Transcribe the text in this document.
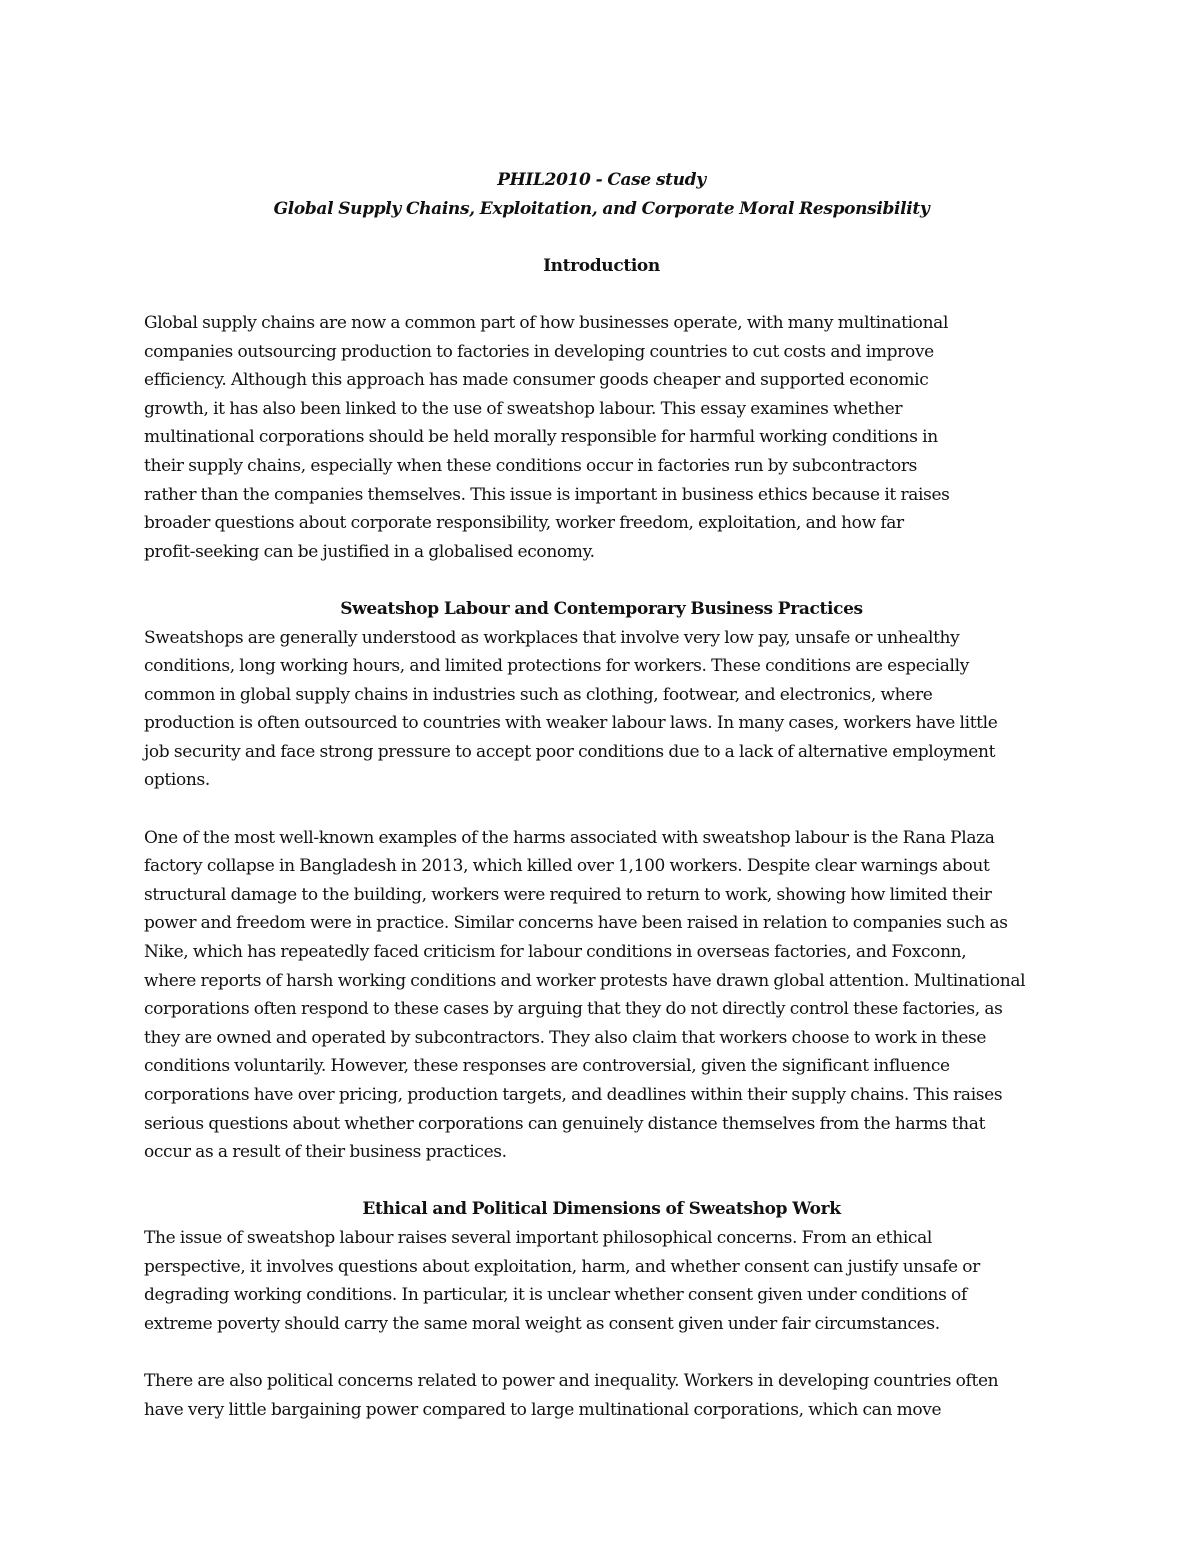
PHIL2010 - Case study
Global Supply Chains, Exploitation, and Corporate Moral Responsibility
Introduction

Global supply chains are now a common part of how businesses operate, with many multinational
companies outsourcing production to factories in developing countries to cut costs and improve
efficiency. Although this approach has made consumer goods cheaper and supported economic
growth, it has also been linked to the use of sweatshop labour. This essay examines whether
multinational corporations should be held morally responsible for harmful working conditions in
their supply chains, especially when these conditions occur in factories run by subcontractors
rather than the companies themselves. This issue is important in business ethics because it raises
broader questions about corporate responsibility, worker freedom, exploitation, and how far
profit-seeking can be justified in a globalised economy.

Sweatshop Labour and Contemporary Business Practices

Sweatshops are generally understood as workplaces that involve very low pay, unsafe or unhealthy
conditions, long working hours, and limited protections for workers. These conditions are especially
common in global supply chains in industries such as clothing, footwear, and electronics, where
production is often outsourced to countries with weaker labour laws. In many cases, workers have little
job security and face strong pressure to accept poor conditions due to a lack of alternative employment
options.

One of the most well-known examples of the harms associated with sweatshop labour is the Rana Plaza
factory collapse in Bangladesh in 2013, which killed over 1,100 workers. Despite clear warnings about
structural damage to the building, workers were required to return to work, showing how limited their
power and freedom were in practice. Similar concerns have been raised in relation to companies such as
Nike, which has repeatedly faced criticism for labour conditions in overseas factories, and Foxconn,
where reports of harsh working conditions and worker protests have drawn global attention. Multinational
corporations often respond to these cases by arguing that they do not directly control these factories, as
they are owned and operated by subcontractors. They also claim that workers choose to work in these
conditions voluntarily. However, these responses are controversial, given the significant influence
corporations have over pricing, production targets, and deadlines within their supply chains. This raises
serious questions about whether corporations can genuinely distance themselves from the harms that
occur as a result of their business practices.

Ethical and Political Dimensions of Sweatshop Work

The issue of sweatshop labour raises several important philosophical concerns. From an ethical
perspective, it involves questions about exploitation, harm, and whether consent can justify unsafe or
degrading working conditions. In particular, it is unclear whether consent given under conditions of
extreme poverty should carry the same moral weight as consent given under fair circumstances.

There are also political concerns related to power and inequality. Workers in developing countries often
have very little bargaining power compared to large multinational corporations, which can move
